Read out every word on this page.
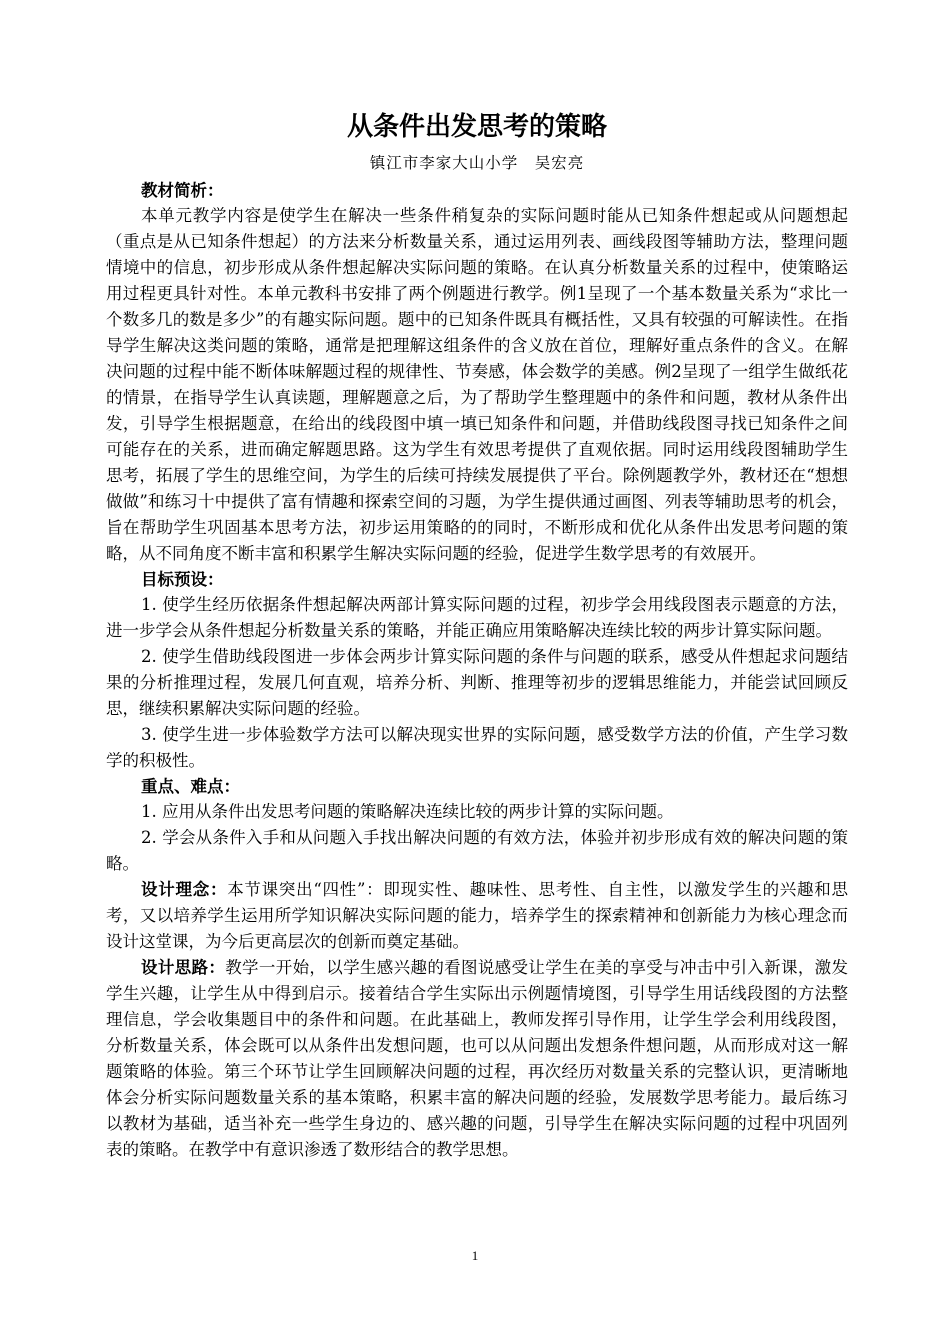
从条件出发思考的策略

镇江市李家大山小学　吴宏亮

教材简析：

本单元教学内容是使学生在解决一些条件稍复杂的实际问题时能从已知条件想起或从问题想起（重点是从已知条件想起）的方法来分析数量关系，通过运用列表、画线段图等辅助方法，整理问题情境中的信息，初步形成从条件想起解决实际问题的策略。在认真分析数量关系的过程中，使策略运用过程更具针对性。本单元教科书安排了两个例题进行教学。例1呈现了一个基本数量关系为“求比一个数多几的数是多少”的有趣实际问题。题中的已知条件既具有概括性，又具有较强的可解读性。在指导学生解决这类问题的策略，通常是把理解这组条件的含义放在首位，理解好重点条件的含义。在解决问题的过程中能不断体味解题过程的规律性、节奏感，体会数学的美感。例2呈现了一组学生做纸花的情景，在指导学生认真读题，理解题意之后，为了帮助学生整理题中的条件和问题，教材从条件出发，引导学生根据题意，在给出的线段图中填一填已知条件和问题，并借助线段图寻找已知条件之间可能存在的关系，进而确定解题思路。这为学生有效思考提供了直观依据。同时运用线段图辅助学生思考，拓展了学生的思维空间，为学生的后续可持续发展提供了平台。除例题教学外，教材还在“想想做做”和练习十中提供了富有情趣和探索空间的习题，为学生提供通过画图、列表等辅助思考的机会，旨在帮助学生巩固基本思考方法，初步运用策略的的同时，不断形成和优化从条件出发思考问题的策略，从不同角度不断丰富和积累学生解决实际问题的经验，促进学生数学思考的有效展开。

目标预设：

1. 使学生经历依据条件想起解决两部计算实际问题的过程，初步学会用线段图表示题意的方法，进一步学会从条件想起分析数量关系的策略，并能正确应用策略解决连续比较的两步计算实际问题。

2. 使学生借助线段图进一步体会两步计算实际问题的条件与问题的联系，感受从件想起求问题结果的分析推理过程，发展几何直观，培养分析、判断、推理等初步的逻辑思维能力，并能尝试回顾反思，继续积累解决实际问题的经验。

3. 使学生进一步体验数学方法可以解决现实世界的实际问题，感受数学方法的价值，产生学习数学的积极性。

重点、难点：

1. 应用从条件出发思考问题的策略解决连续比较的两步计算的实际问题。

2. 学会从条件入手和从问题入手找出解决问题的有效方法，体验并初步形成有效的解决问题的策略。

设计理念：本节课突出“四性”：即现实性、趣味性、思考性、自主性，以激发学生的兴趣和思考，又以培养学生运用所学知识解决实际问题的能力，培养学生的探索精神和创新能力为核心理念而设计这堂课，为今后更高层次的创新而奠定基础。

设计思路：教学一开始，以学生感兴趣的看图说感受让学生在美的享受与冲击中引入新课，激发学生兴趣，让学生从中得到启示。接着结合学生实际出示例题情境图，引导学生用话线段图的方法整理信息，学会收集题目中的条件和问题。在此基础上，教师发挥引导作用，让学生学会利用线段图，分析数量关系，体会既可以从条件出发想问题，也可以从问题出发想条件想问题，从而形成对这一解题策略的体验。第三个环节让学生回顾解决问题的过程，再次经历对数量关系的完整认识，更清晰地体会分析实际问题数量关系的基本策略，积累丰富的解决问题的经验，发展数学思考能力。最后练习以教材为基础，适当补充一些学生身边的、感兴趣的问题，引导学生在解决实际问题的过程中巩固列表的策略。在教学中有意识渗透了数形结合的教学思想。

1
